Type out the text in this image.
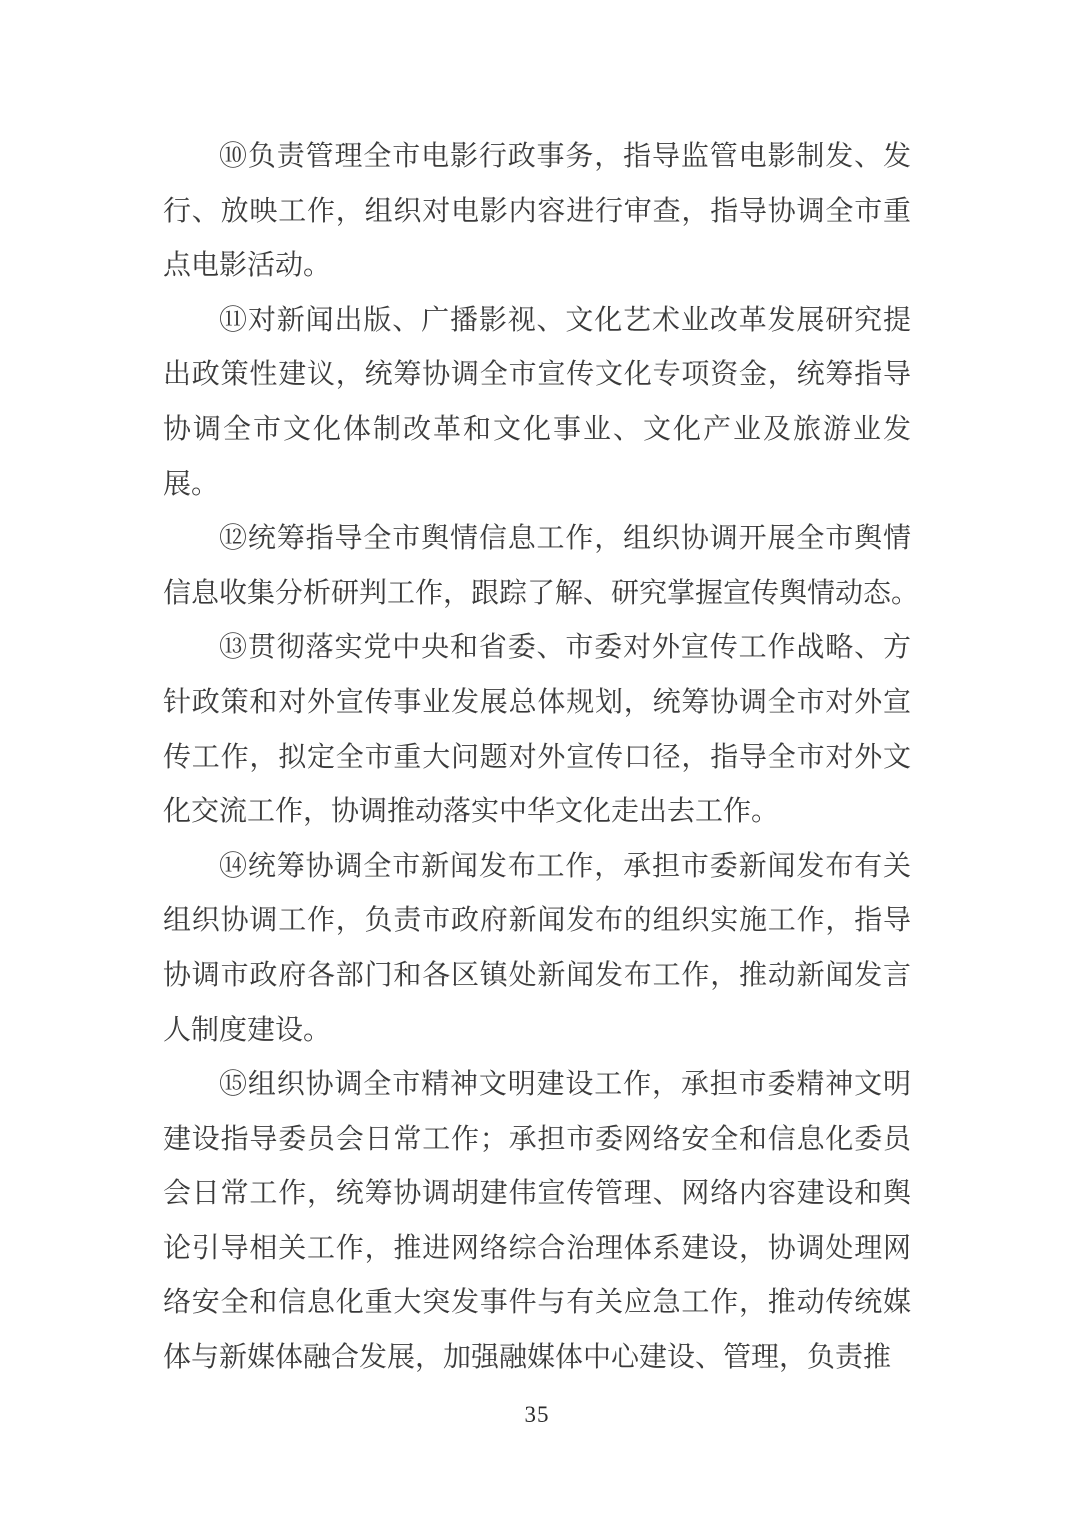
⑩负责管理全市电影行政事务，指导监管电影制发、发
行、放映工作，组织对电影内容进行审查，指导协调全市重
点电影活动。

⑪对新闻出版、广播影视、文化艺术业改革发展研究提
出政策性建议，统筹协调全市宣传文化专项资金，统筹指导
协调全市文化体制改革和文化事业、文化产业及旅游业发
展。

⑫统筹指导全市舆情信息工作，组织协调开展全市舆情
信息收集分析研判工作，跟踪了解、研究掌握宣传舆情动态。

⑬贯彻落实党中央和省委、市委对外宣传工作战略、方
针政策和对外宣传事业发展总体规划，统筹协调全市对外宣
传工作，拟定全市重大问题对外宣传口径，指导全市对外文
化交流工作，协调推动落实中华文化走出去工作。

⑭统筹协调全市新闻发布工作，承担市委新闻发布有关
组织协调工作，负责市政府新闻发布的组织实施工作，指导
协调市政府各部门和各区镇处新闻发布工作，推动新闻发言
人制度建设。

⑮组织协调全市精神文明建设工作，承担市委精神文明
建设指导委员会日常工作；承担市委网络安全和信息化委员
会日常工作，统筹协调胡建伟宣传管理、网络内容建设和舆
论引导相关工作，推进网络综合治理体系建设，协调处理网
络安全和信息化重大突发事件与有关应急工作，推动传统媒
体与新媒体融合发展，加强融媒体中心建设、管理，负责推

35
